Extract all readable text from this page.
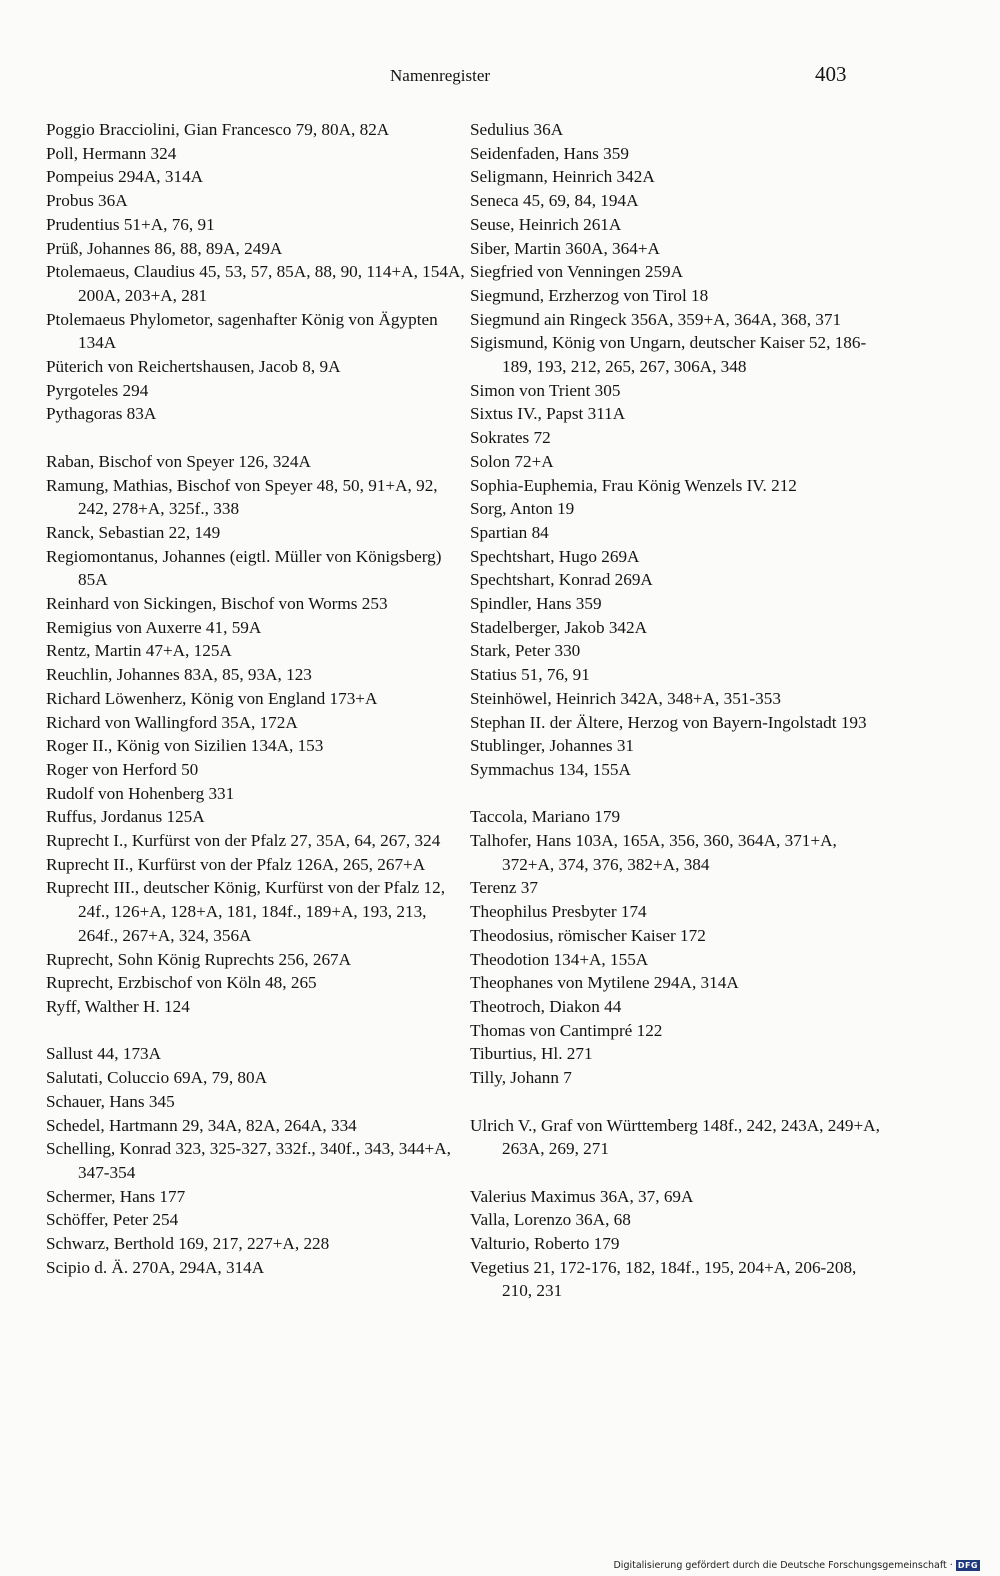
Namenregister	403
Poggio Bracciolini, Gian Francesco 79, 80A, 82A
Poll, Hermann 324
Pompeius 294A, 314A
Probus 36A
Prudentius 51+A, 76, 91
Prüß, Johannes 86, 88, 89A, 249A
Ptolemaeus, Claudius 45, 53, 57, 85A, 88, 90, 114+A, 154A, 200A, 203+A, 281
Ptolemaeus Phylometor, sagenhafter König von Ägypten 134A
Püterich von Reichertshausen, Jacob 8, 9A
Pyrgoteles 294
Pythagoras 83A
Raban, Bischof von Speyer 126, 324A
Ramung, Mathias, Bischof von Speyer 48, 50, 91+A, 92, 242, 278+A, 325f., 338
Ranck, Sebastian 22, 149
Regiomontanus, Johannes (eigtl. Müller von Königsberg) 85A
Reinhard von Sickingen, Bischof von Worms 253
Remigius von Auxerre 41, 59A
Rentz, Martin 47+A, 125A
Reuchlin, Johannes 83A, 85, 93A, 123
Richard Löwenherz, König von England 173+A
Richard von Wallingford 35A, 172A
Roger II., König von Sizilien 134A, 153
Roger von Herford 50
Rudolf von Hohenberg 331
Ruffus, Jordanus 125A
Ruprecht I., Kurfürst von der Pfalz 27, 35A, 64, 267, 324
Ruprecht II., Kurfürst von der Pfalz 126A, 265, 267+A
Ruprecht III., deutscher König, Kurfürst von der Pfalz 12, 24f., 126+A, 128+A, 181, 184f., 189+A, 193, 213, 264f., 267+A, 324, 356A
Ruprecht, Sohn König Ruprechts 256, 267A
Ruprecht, Erzbischof von Köln 48, 265
Ryff, Walther H. 124
Sallust 44, 173A
Salutati, Coluccio 69A, 79, 80A
Schauer, Hans 345
Schedel, Hartmann 29, 34A, 82A, 264A, 334
Schelling, Konrad 323, 325-327, 332f., 340f., 343, 344+A, 347-354
Schermer, Hans 177
Schöffer, Peter 254
Schwarz, Berthold 169, 217, 227+A, 228
Scipio d. Ä. 270A, 294A, 314A
Sedulius 36A
Seidenfaden, Hans 359
Seligmann, Heinrich 342A
Seneca 45, 69, 84, 194A
Seuse, Heinrich 261A
Siber, Martin 360A, 364+A
Siegfried von Venningen 259A
Siegmund, Erzherzog von Tirol 18
Siegmund ain Ringeck 356A, 359+A, 364A, 368, 371
Sigismund, König von Ungarn, deutscher Kaiser 52, 186-189, 193, 212, 265, 267, 306A, 348
Simon von Trient 305
Sixtus IV., Papst 311A
Sokrates 72
Solon 72+A
Sophia-Euphemia, Frau König Wenzels IV. 212
Sorg, Anton 19
Spartian 84
Spechtshart, Hugo 269A
Spechtshart, Konrad 269A
Spindler, Hans 359
Stadelberger, Jakob 342A
Stark, Peter 330
Statius 51, 76, 91
Steinhöwel, Heinrich 342A, 348+A, 351-353
Stephan II. der Ältere, Herzog von Bayern-Ingolstadt 193
Stublinger, Johannes 31
Symmachus 134, 155A
Taccola, Mariano 179
Talhofer, Hans 103A, 165A, 356, 360, 364A, 371+A, 372+A, 374, 376, 382+A, 384
Terenz 37
Theophilus Presbyter 174
Theodosius, römischer Kaiser 172
Theodotion 134+A, 155A
Theophanes von Mytilene 294A, 314A
Theotroch, Diakon 44
Thomas von Cantimpré 122
Tiburtius, Hl. 271
Tilly, Johann 7
Ulrich V., Graf von Württemberg 148f., 242, 243A, 249+A, 263A, 269, 271
Valerius Maximus 36A, 37, 69A
Valla, Lorenzo 36A, 68
Valturio, Roberto 179
Vegetius 21, 172-176, 182, 184f., 195, 204+A, 206-208, 210, 231
Digitalisierung gefördert durch die Deutsche Forschungsgemeinschaft · DFG
